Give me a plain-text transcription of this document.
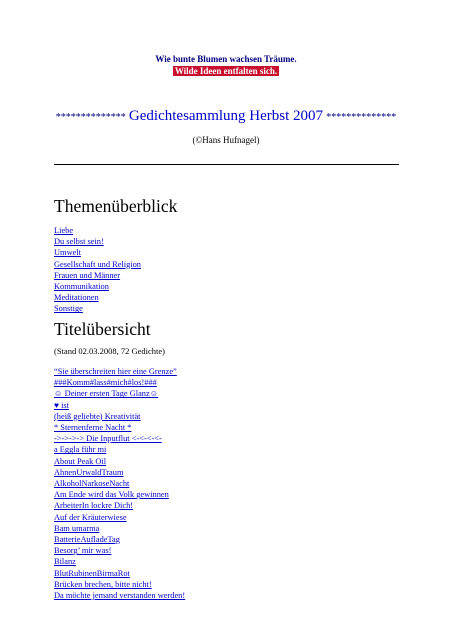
Wie bunte Blumen wachsen Träume.
Wilde Ideen entfalten sich.
************** Gedichtesammlung Herbst 2007 **************
(©Hans Hufnagel)
Themenüberblick
Liebe
Du selbst sein!
Umwelt
Gesellschaft und Religion
Frauen und Männer
Kommunikation
Meditationen
Sonstige
Titelübersicht
(Stand 02.03.2008, 72 Gedichte)
“Sie überschreiten hier eine Grenze”
###Komm#lass#mich#los!###
☺ Deiner ersten Tage Glanz☺
♥ ist
(heiß geliebte) Kreativität
* Sternenferne Nacht *
->->->-> Die Inputflut <-<-<-<-
a Eggla führ mi
About Peak Oil
AhnenUrwaldTraum
AlkoholNarkoseNacht
Am Ende wird das Volk gewinnen
ArbeiterIn lockre Dich!
Auf der Kräuterwiese
Bam umarma
BatterieAufladeTag
Besorg’ mir was!
Bilanz
BlutRubinenBirmaRot
Brücken brechen, bitte nicht!
Da möchte jemand verstanden werden!
